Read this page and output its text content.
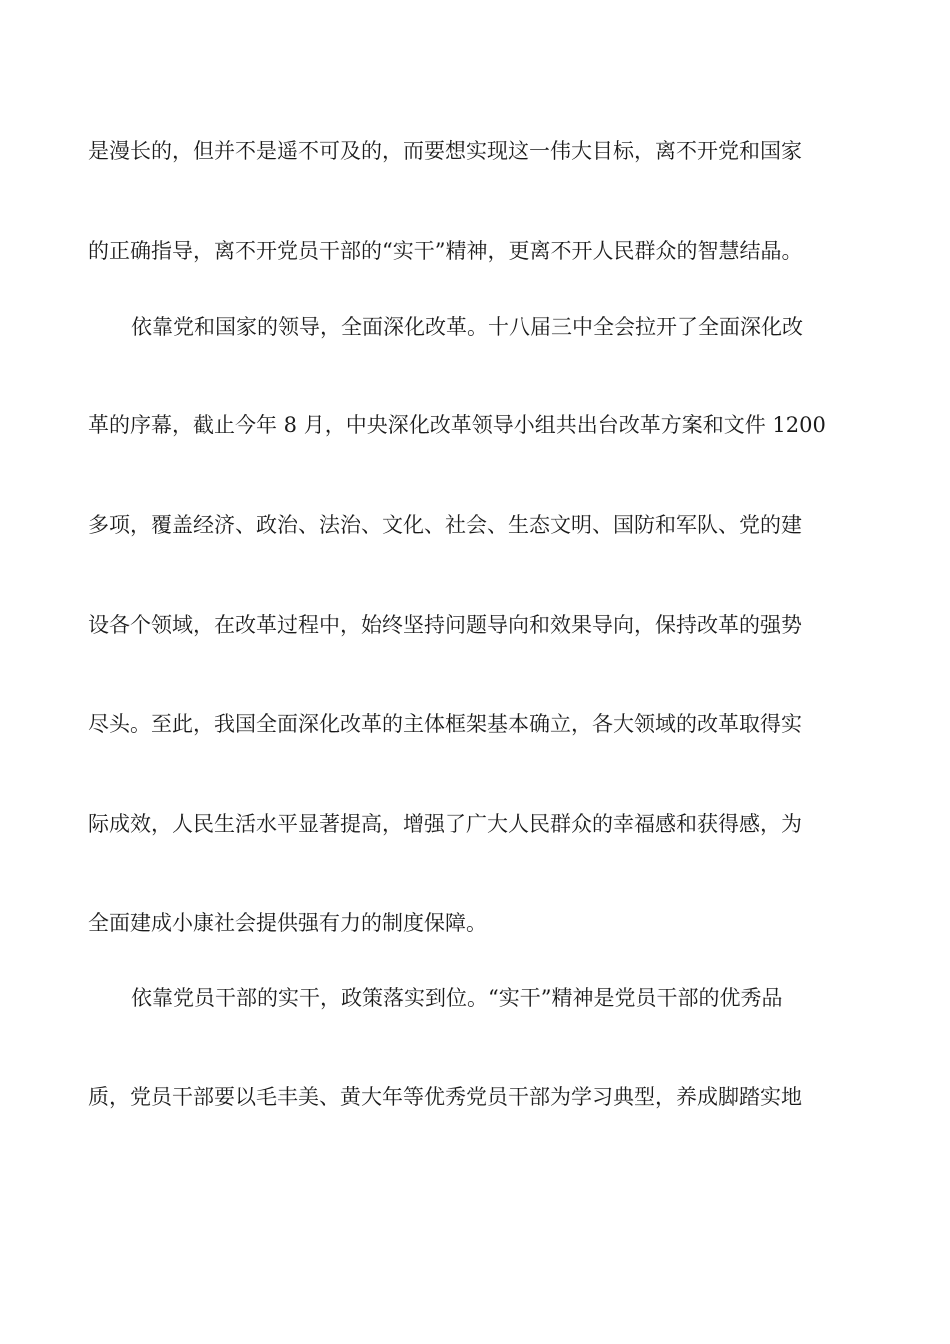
是漫长的，但并不是遥不可及的，而要想实现这一伟大目标，离不开党和国家
的正确指导，离不开党员干部的“实干”精神，更离不开人民群众的智慧结晶。
依靠党和国家的领导，全面深化改革。十八届三中全会拉开了全面深化改
革的序幕，截止今年 8 月，中央深化改革领导小组共出台改革方案和文件 1200
多项，覆盖经济、政治、法治、文化、社会、生态文明、国防和军队、党的建
设各个领域，在改革过程中，始终坚持问题导向和效果导向，保持改革的强势
尽头。至此，我国全面深化改革的主体框架基本确立，各大领域的改革取得实
际成效，人民生活水平显著提高，增强了广大人民群众的幸福感和获得感，为
全面建成小康社会提供强有力的制度保障。
依靠党员干部的实干，政策落实到位。“实干”精神是党员干部的优秀品
质，党员干部要以毛丰美、黄大年等优秀党员干部为学习典型，养成脚踏实地
